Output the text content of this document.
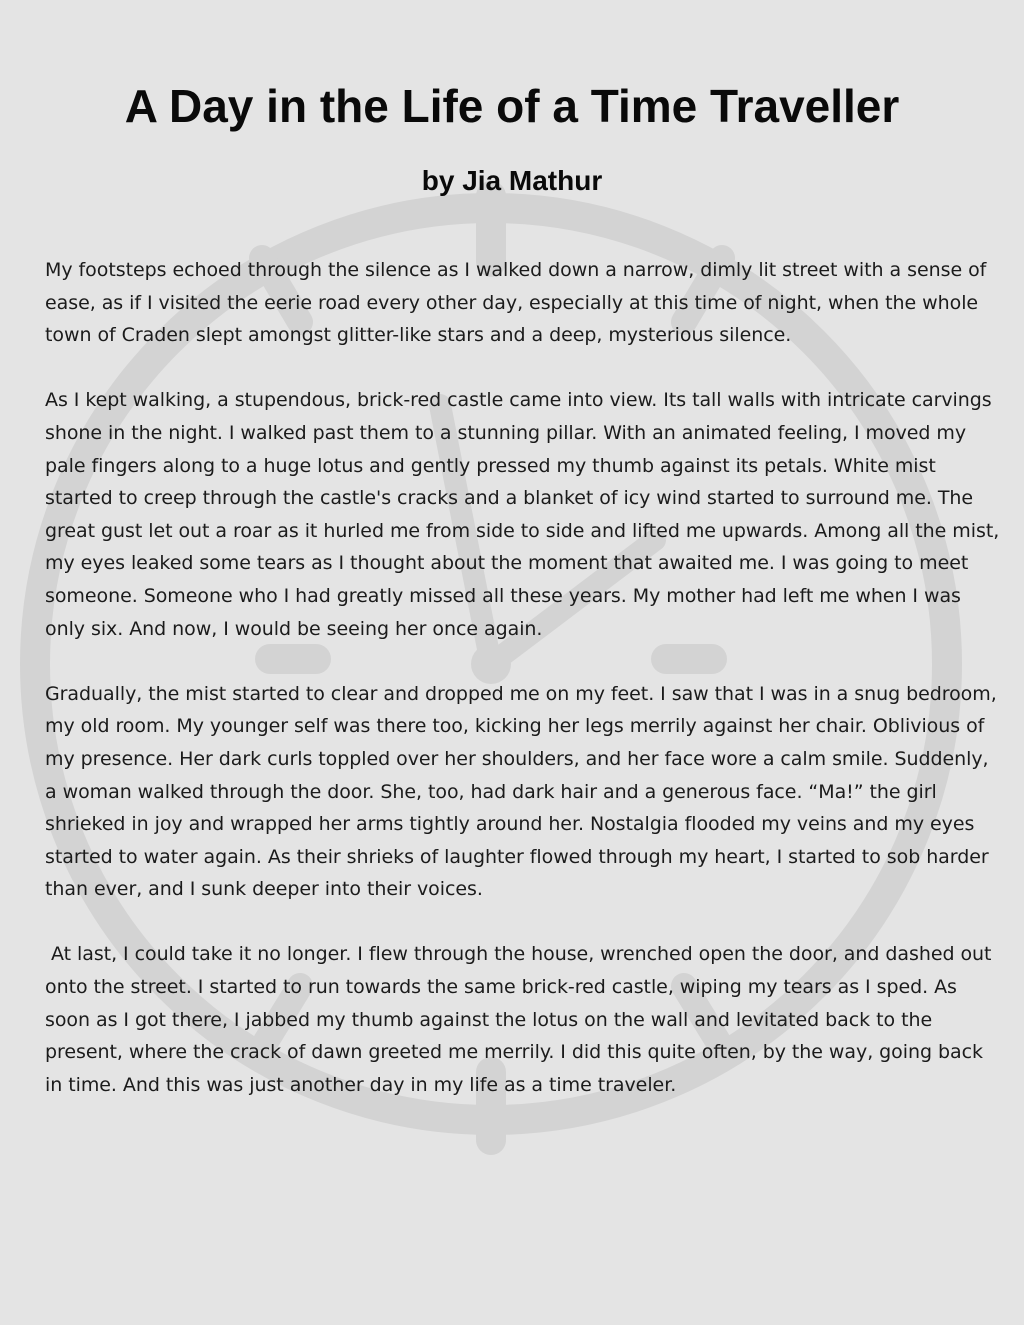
A Day in the Life of a Time Traveller
by Jia Mathur

My footsteps echoed through the silence as I walked down a narrow, dimly lit street with a sense of ease, as if I visited the eerie road every other day, especially at this time of night, when the whole town of Craden slept amongst glitter-like stars and a deep, mysterious silence.

As I kept walking, a stupendous, brick-red castle came into view. Its tall walls with intricate carvings shone in the night. I walked past them to a stunning pillar. With an animated feeling, I moved my pale fingers along to a huge lotus and gently pressed my thumb against its petals. White mist started to creep through the castle's cracks and a blanket of icy wind started to surround me. The great gust let out a roar as it hurled me from side to side and lifted me upwards. Among all the mist, my eyes leaked some tears as I thought about the moment that awaited me. I was going to meet someone. Someone who I had greatly missed all these years. My mother had left me when I was only six. And now, I would be seeing her once again.

Gradually, the mist started to clear and dropped me on my feet. I saw that I was in a snug bedroom, my old room. My younger self was there too, kicking her legs merrily against her chair. Oblivious of my presence. Her dark curls toppled over her shoulders, and her face wore a calm smile. Suddenly, a woman walked through the door. She, too, had dark hair and a generous face. “Ma!” the girl shrieked in joy and wrapped her arms tightly around her. Nostalgia flooded my veins and my eyes started to water again. As their shrieks of laughter flowed through my heart, I started to sob harder than ever, and I sunk deeper into their voices.

At last, I could take it no longer. I flew through the house, wrenched open the door, and dashed out onto the street. I started to run towards the same brick-red castle, wiping my tears as I sped. As soon as I got there, I jabbed my thumb against the lotus on the wall and levitated back to the present, where the crack of dawn greeted me merrily. I did this quite often, by the way, going back in time. And this was just another day in my life as a time traveler.
